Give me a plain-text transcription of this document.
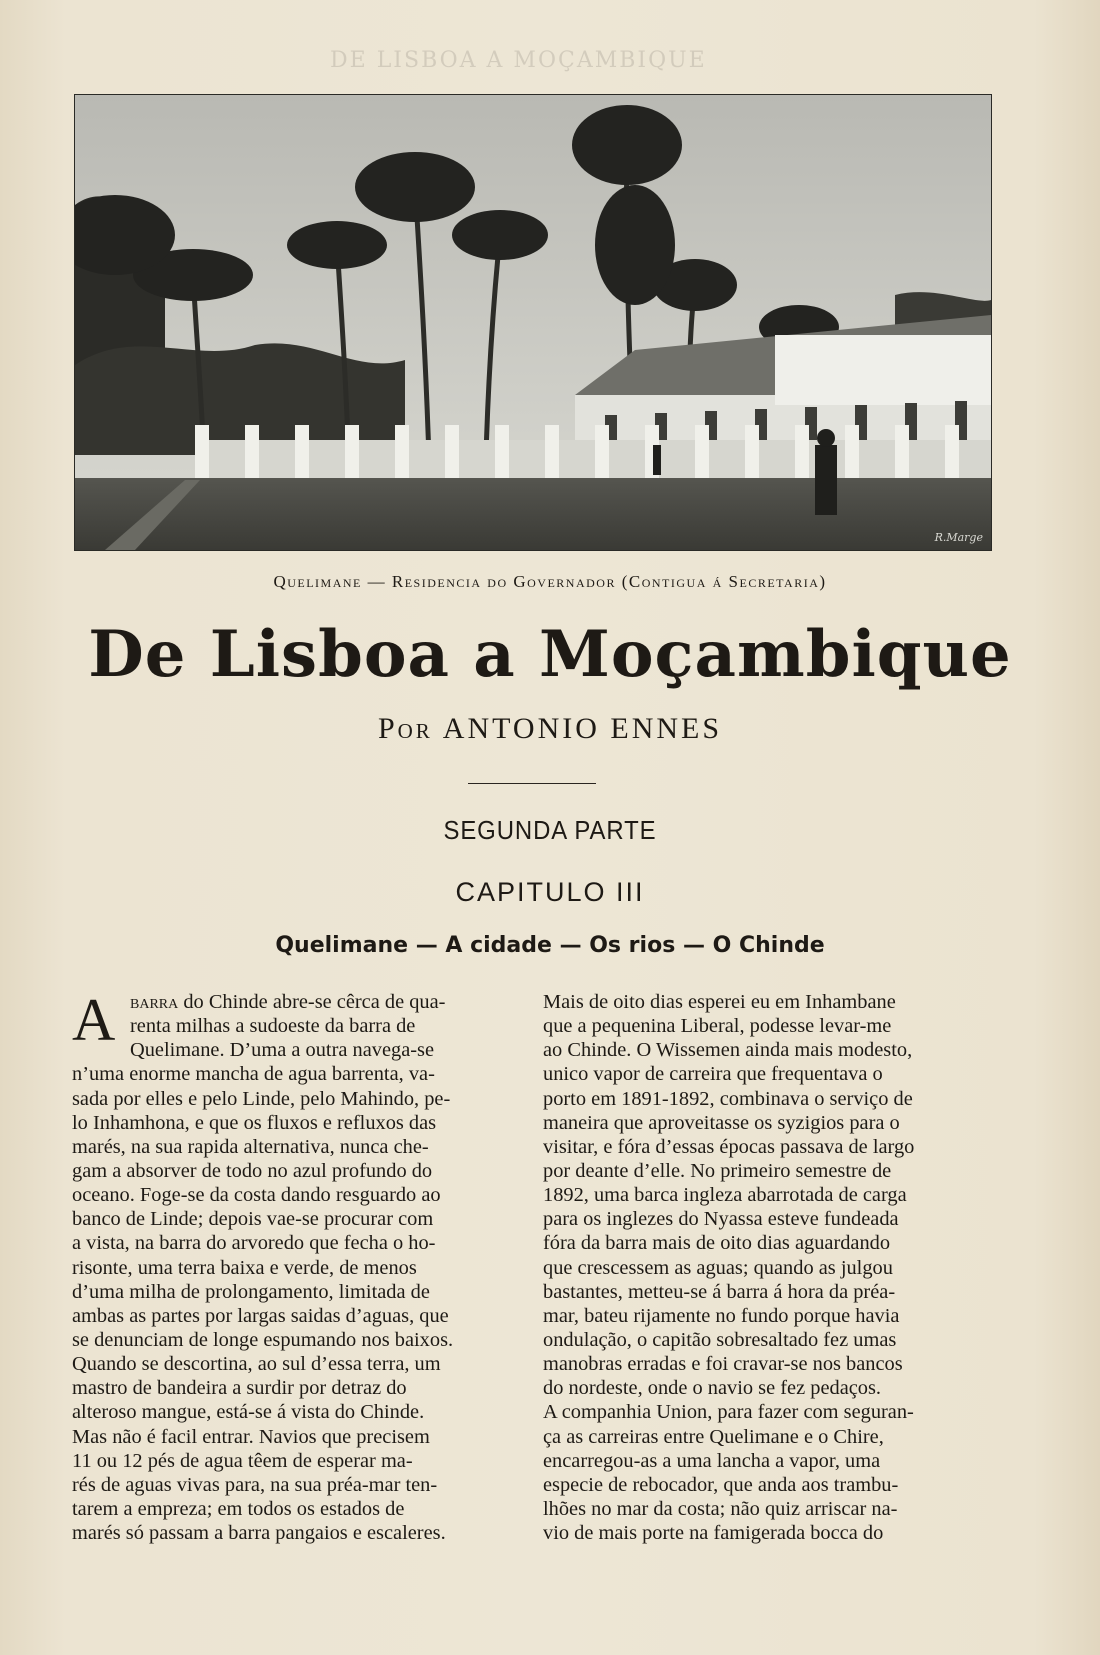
DE LISBOA A MOÇAMBIQUE
R.Marge
Quelimane — Residencia do Governador (Contigua á Secretaria)
De Lisboa a Moçambique
Por ANTONIO ENNES
SEGUNDA PARTE
CAPITULO III
Quelimane — A cidade — Os rios — O Chinde
A barra do Chinde abre-se cêrca de qua-
renta milhas a sudoeste da barra de
Quelimane. D’uma a outra navega-se
n’uma enorme mancha de agua barrenta, va-
sada por elles e pelo Linde, pelo Mahindo, pe-
lo Inhamhona, e que os fluxos e refluxos das
marés, na sua rapida alternativa, nunca che-
gam a absorver de todo no azul profundo do
oceano. Foge-se da costa dando resguardo ao
banco de Linde; depois vae-se procurar com
a vista, na barra do arvoredo que fecha o ho-
risonte, uma terra baixa e verde, de menos
d’uma milha de prolongamento, limitada de
ambas as partes por largas saidas d’aguas, que
se denunciam de longe espumando nos baixos.
Quando se descortina, ao sul d’essa terra, um
mastro de bandeira a surdir por detraz do
alteroso mangue, está-se á vista do Chinde.
Mas não é facil entrar. Navios que precisem
11 ou 12 pés de agua têem de esperar ma-
rés de aguas vivas para, na sua préa-mar ten-
tarem a empreza; em todos os estados de
marés só passam a barra pangaios e escaleres.
Mais de oito dias esperei eu em Inhambane
que a pequenina Liberal, podesse levar-me
ao Chinde. O Wissemen ainda mais modesto,
unico vapor de carreira que frequentava o
porto em 1891-1892, combinava o serviço de
maneira que aproveitasse os syzigios para o
visitar, e fóra d’essas épocas passava de largo
por deante d’elle. No primeiro semestre de
1892, uma barca ingleza abarrotada de carga
para os inglezes do Nyassa esteve fundeada
fóra da barra mais de oito dias aguardando
que crescessem as aguas; quando as julgou
bastantes, metteu-se á barra á hora da préa-
mar, bateu rijamente no fundo porque havia
ondulação, o capitão sobresaltado fez umas
manobras erradas e foi cravar-se nos bancos
do nordeste, onde o navio se fez pedaços.
A companhia Union, para fazer com seguran-
ça as carreiras entre Quelimane e o Chire,
encarregou-as a uma lancha a vapor, uma
especie de rebocador, que anda aos trambu-
lhões no mar da costa; não quiz arriscar na-
vio de mais porte na famigerada bocca do
